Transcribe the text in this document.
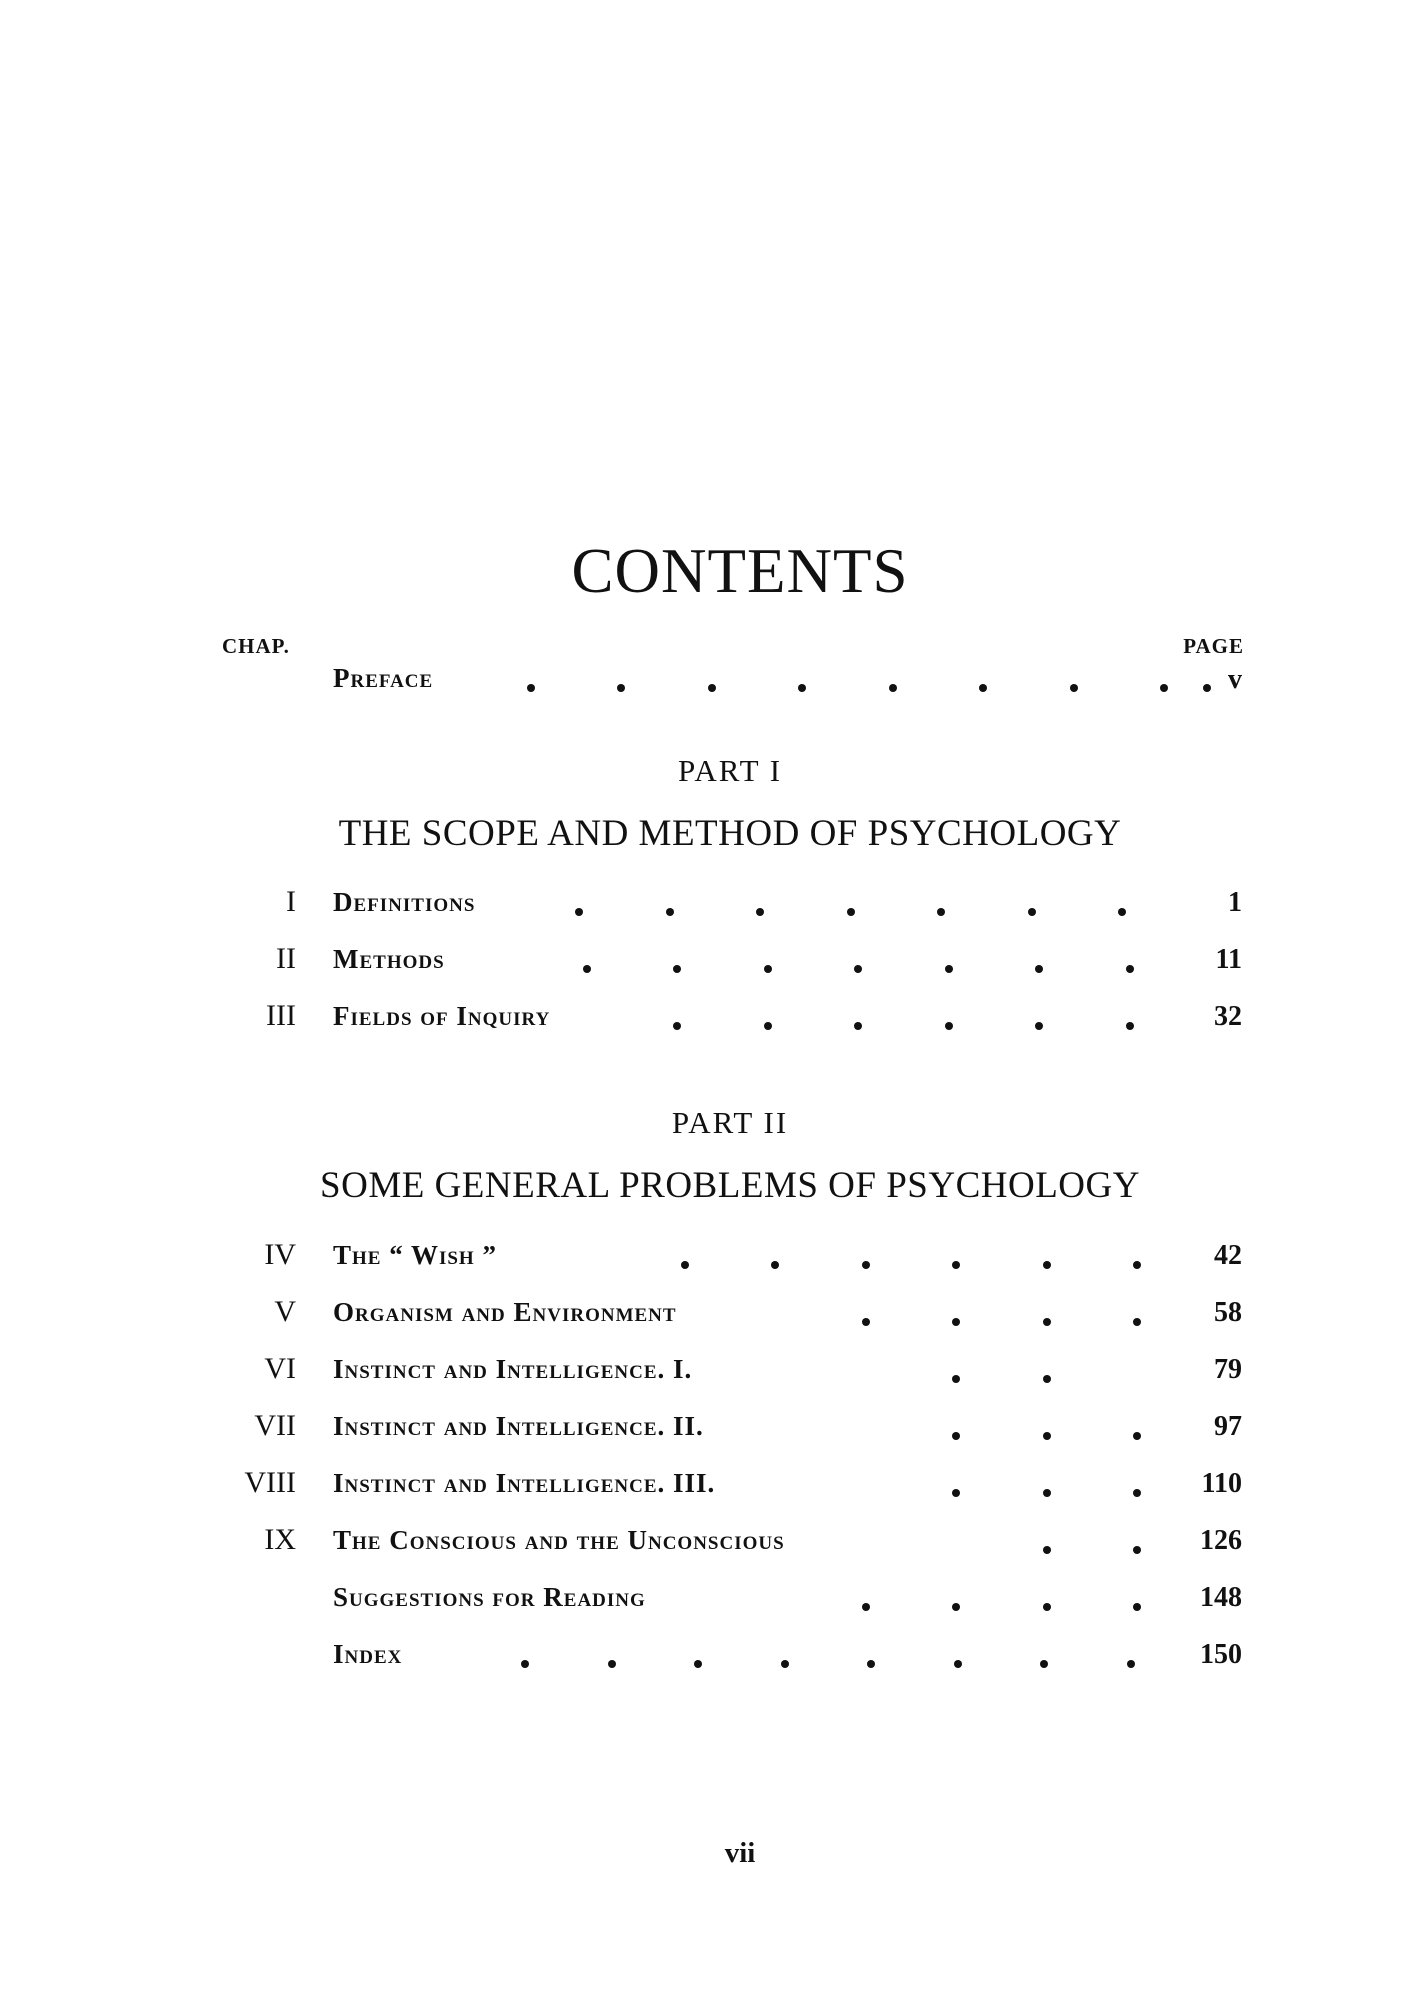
CONTENTS
CHAP.	PAGE
Preface	v
PART I
THE SCOPE AND METHOD OF PSYCHOLOGY
I Definitions	1
II Methods	11
III Fields of Inquiry	32
PART II
SOME GENERAL PROBLEMS OF PSYCHOLOGY
IV The “ Wish ”	42
V Organism and Environment	58
VI Instinct and Intelligence. I.	79
VII Instinct and Intelligence. II.	97
VIII Instinct and Intelligence. III.	110
IX The Conscious and the Unconscious	126
Suggestions for Reading	148
Index	150
vii
